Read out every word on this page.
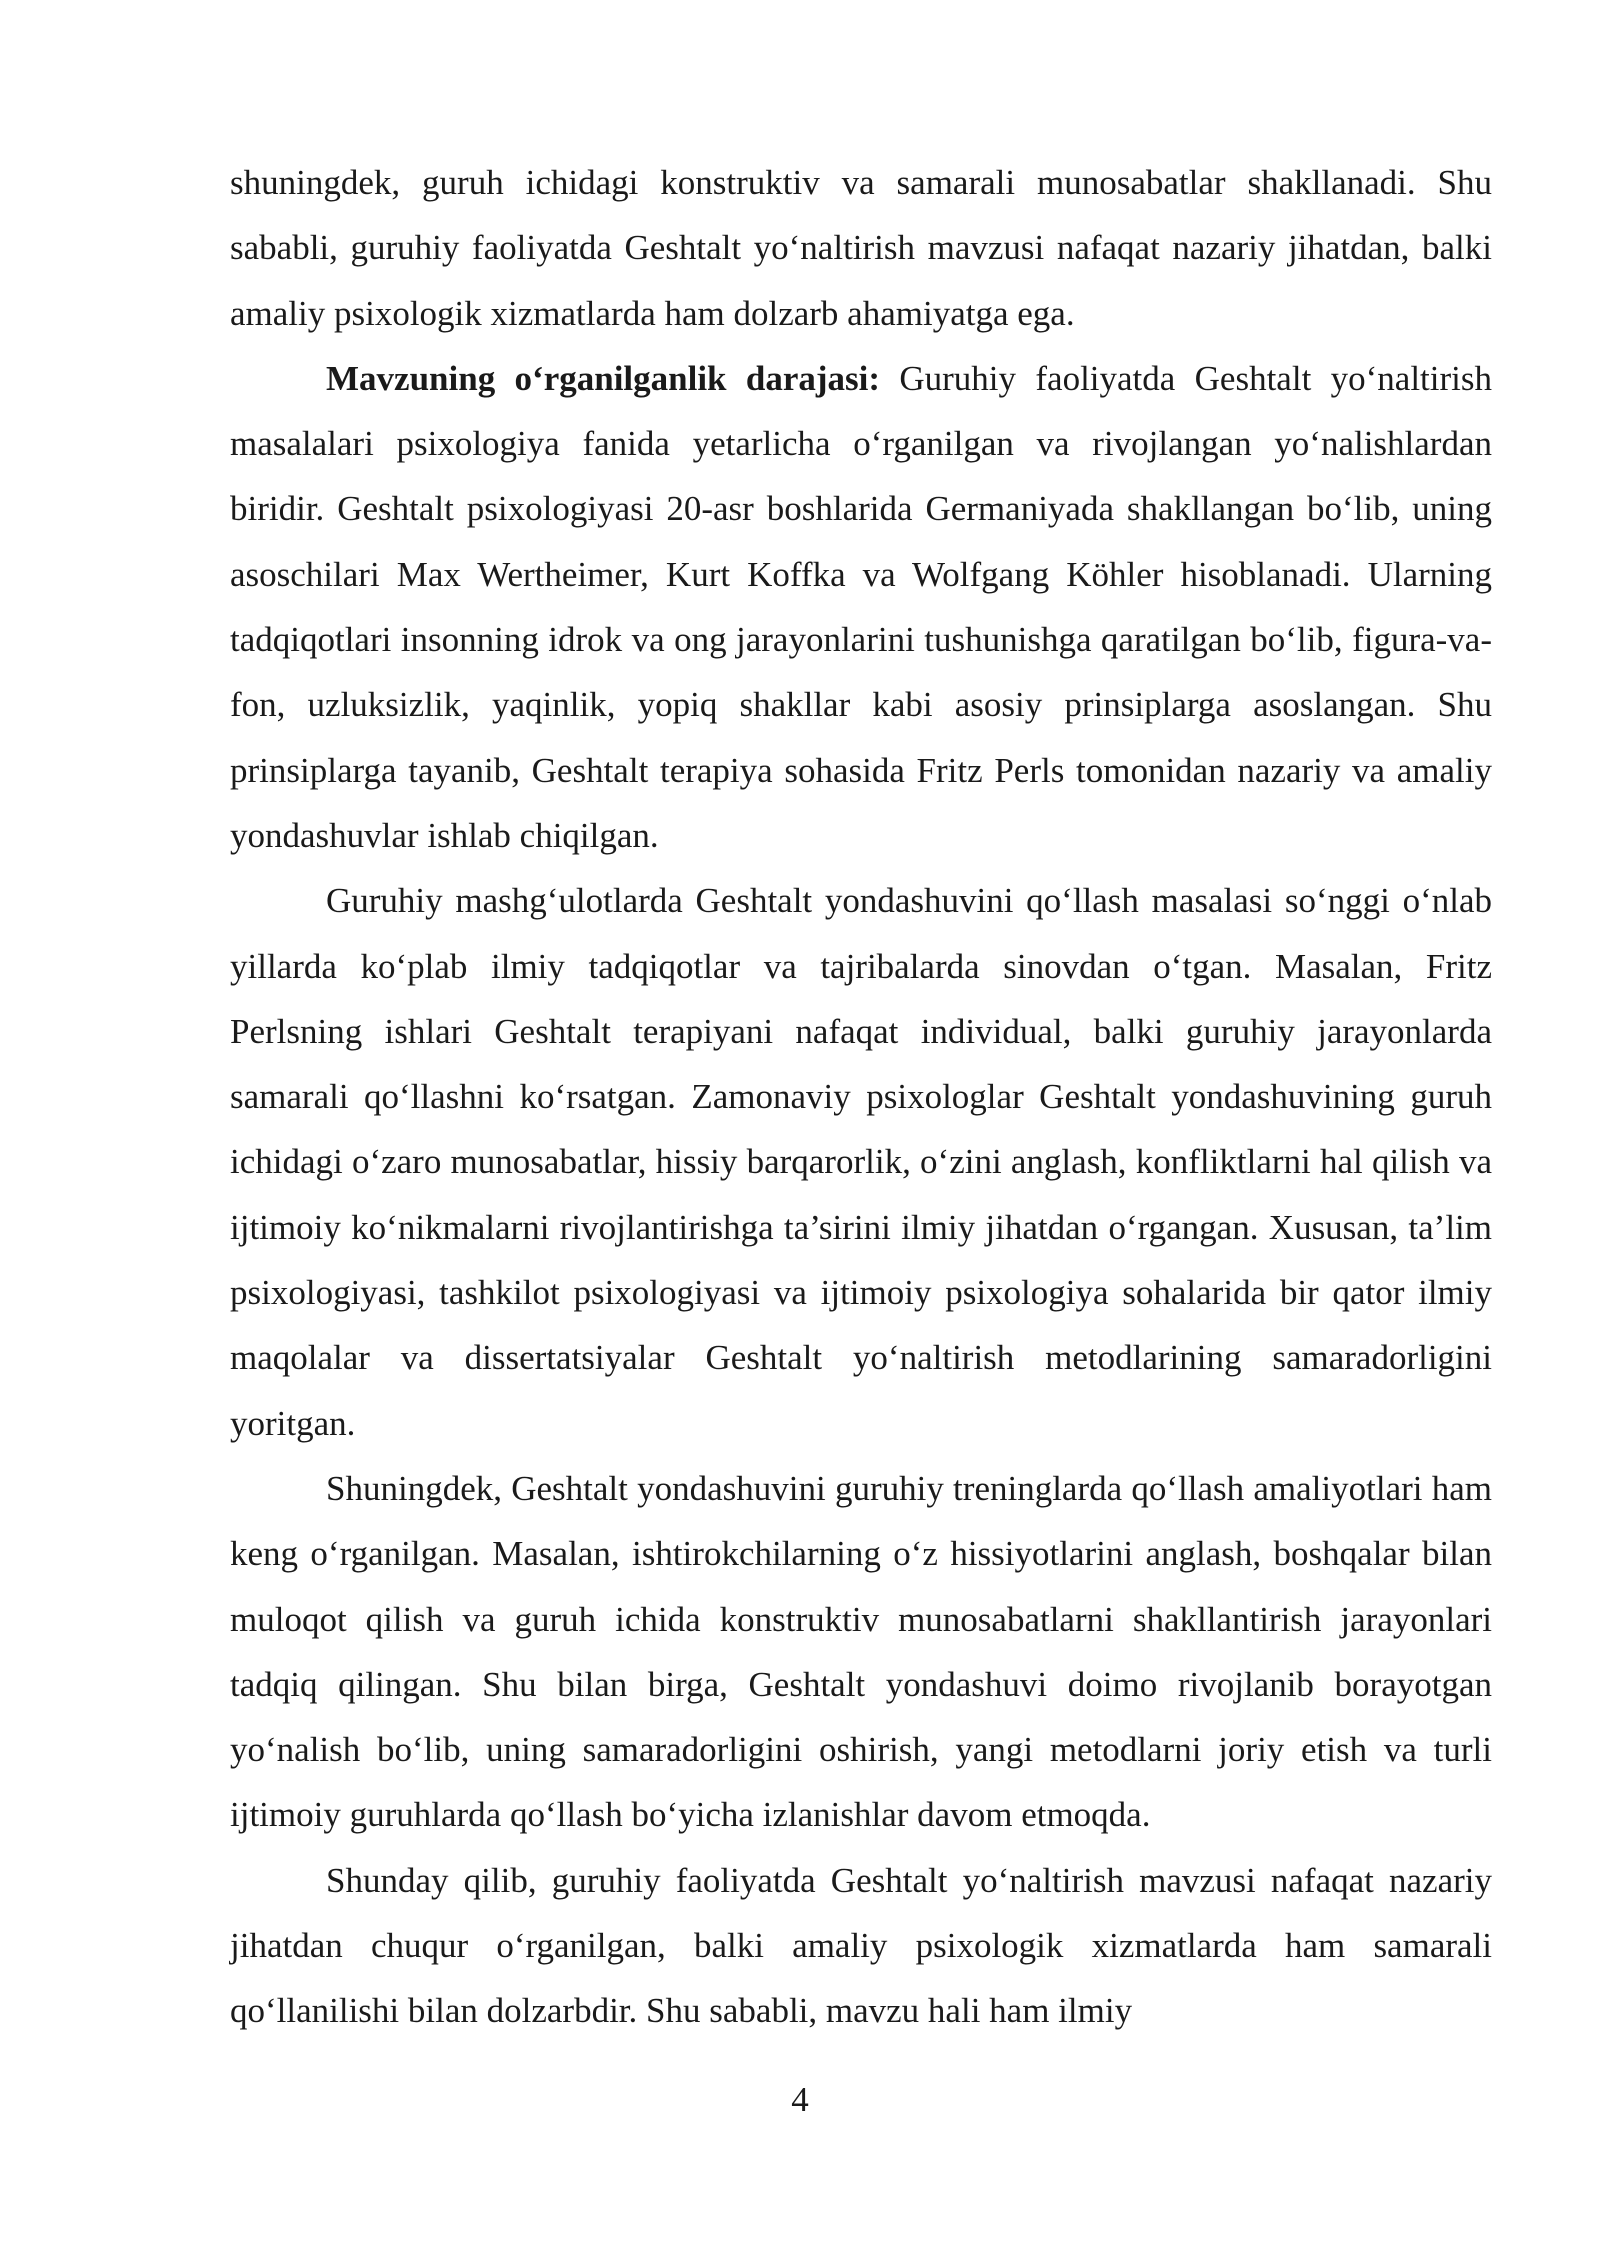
shuningdek, guruh ichidagi konstruktiv va samarali munosabatlar shakllanadi. Shu sababli, guruhiy faoliyatda Geshtalt yo‘naltirish mavzusi nafaqat nazariy jihatdan, balki amaliy psixologik xizmatlarda ham dolzarb ahamiyatga ega.

Mavzuning o‘rganilganlik darajasi: Guruhiy faoliyatda Geshtalt yo‘naltirish masalalari psixologiya fanida yetarlicha o‘rganilgan va rivojlangan yo‘nalishlardan biridir. Geshtalt psixologiyasi 20-asr boshlarida Germaniyada shakllangan bo‘lib, uning asoschilari Max Wertheimer, Kurt Koffka va Wolfgang Köhler hisoblanadi. Ularning tadqiqotlari insonning idrok va ong jarayonlarini tushunishga qaratilgan bo‘lib, figura-va-fon, uzluksizlik, yaqinlik, yopiq shakllar kabi asosiy prinsiplarga asoslangan. Shu prinsiplarga tayanib, Geshtalt terapiya sohasida Fritz Perls tomonidan nazariy va amaliy yondashuvlar ishlab chiqilgan.

Guruhiy mashg‘ulotlarda Geshtalt yondashuvini qo‘llash masalasi so‘nggi o‘nlab yillarda ko‘plab ilmiy tadqiqotlar va tajribalarda sinovdan o‘tgan. Masalan, Fritz Perlsning ishlari Geshtalt terapiyani nafaqat individual, balki guruhiy jarayonlarda samarali qo‘llashni ko‘rsatgan. Zamonaviy psixologlar Geshtalt yondashuvining guruh ichidagi o‘zaro munosabatlar, hissiy barqarorlik, o‘zini anglash, konfliktlarni hal qilish va ijtimoiy ko‘nikmalarni rivojlantirishga ta’sirini ilmiy jihatdan o‘rgangan. Xususan, ta’lim psixologiyasi, tashkilot psixologiyasi va ijtimoiy psixologiya sohalarida bir qator ilmiy maqolalar va dissertatsiyalar Geshtalt yo‘naltirish metodlarining samaradorligini yoritgan.

Shuningdek, Geshtalt yondashuvini guruhiy treninglarda qo‘llash amaliyotlari ham keng o‘rganilgan. Masalan, ishtirokchilarning o‘z hissiyotlarini anglash, boshqalar bilan muloqot qilish va guruh ichida konstruktiv munosabatlarni shakllantirish jarayonlari tadqiq qilingan. Shu bilan birga, Geshtalt yondashuvi doimo rivojlanib borayotgan yo‘nalish bo‘lib, uning samaradorligini oshirish, yangi metodlarni joriy etish va turli ijtimoiy guruhlarda qo‘llash bo‘yicha izlanishlar davom etmoqda.

Shunday qilib, guruhiy faoliyatda Geshtalt yo‘naltirish mavzusi nafaqat nazariy jihatdan chuqur o‘rganilgan, balki amaliy psixologik xizmatlarda ham samarali qo‘llanilishi bilan dolzarbdir. Shu sababli, mavzu hali ham ilmiy

4
